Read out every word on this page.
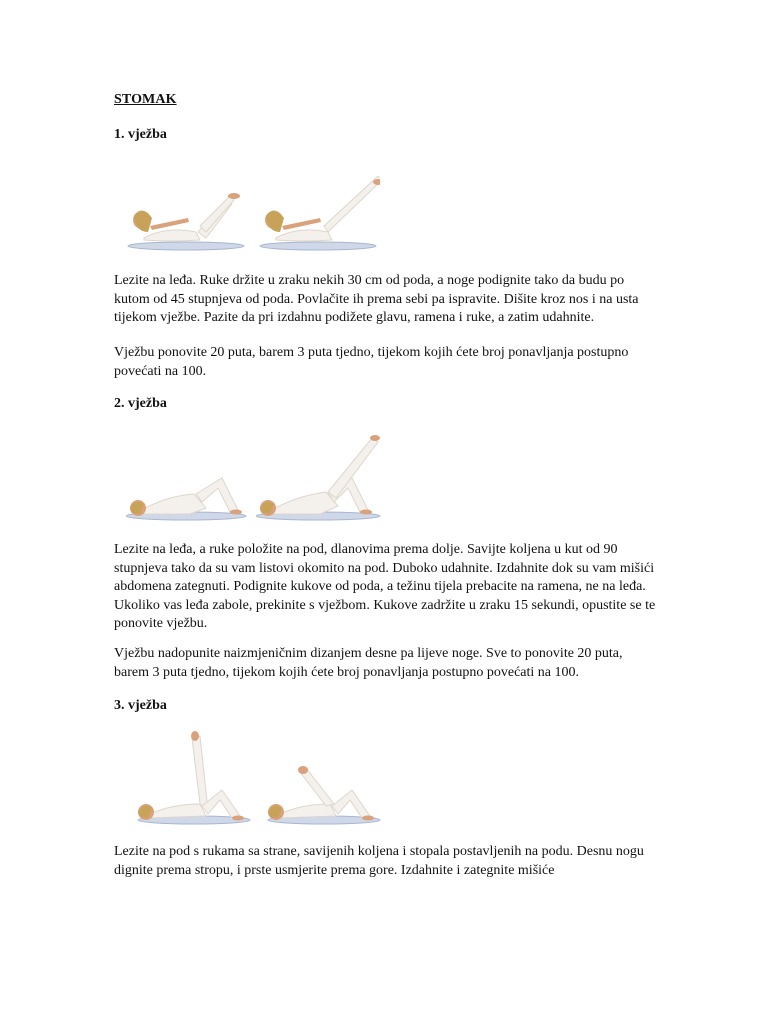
STOMAK
1. vježba
Lezite na leđa. Ruke držite u zraku nekih 30 cm od poda, a noge podignite tako da budu po kutom od 45 stupnjeva od poda. Povlačite ih prema sebi pa ispravite. Dišite kroz nos i na usta tijekom vježbe. Pazite da pri izdahnu podižete glavu, ramena i ruke, a zatim udahnite.
Vježbu ponovite 20 puta, barem 3 puta tjedno, tijekom kojih ćete broj ponavljanja postupno povećati na 100.
2. vježba
Lezite na leđa, a ruke položite na pod, dlanovima prema dolje. Savijte koljena u kut od 90 stupnjeva tako da su vam listovi okomito na pod. Duboko udahnite. Izdahnite dok su vam mišići abdomena zategnuti. Podignite kukove od poda, a težinu tijela prebacite na ramena, ne na leđa. Ukoliko vas leđa zabole, prekinite s vježbom. Kukove zadržite u zraku 15 sekundi, opustite se te ponovite vježbu.
Vježbu nadopunite naizmjeničnim dizanjem desne pa lijeve noge. Sve to ponovite 20 puta, barem 3 puta tjedno, tijekom kojih ćete broj ponavljanja postupno povećati na 100.
3. vježba
Lezite na pod s rukama sa strane, savijenih koljena i stopala postavljenih na podu. Desnu nogu dignite prema stropu, i prste usmjerite prema gore. Izdahnite i zategnite mišiće
